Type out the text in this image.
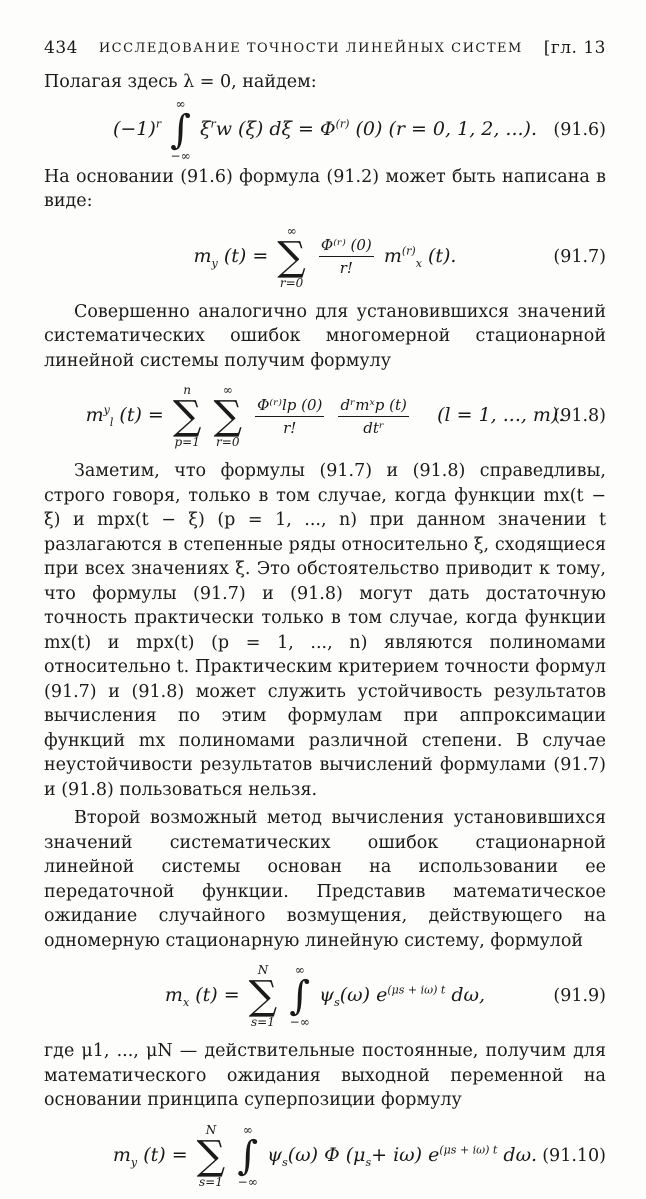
434 ИССЛЕДОВАНИЕ ТОЧНОСТИ ЛИНЕЙНЫХ СИСТЕМ [гл. 13

Полагая здесь λ = 0, найдем:

$(-1)^r$
∞
∫
−∞
$\xi^rw$ (ξ) $d\xi = \Phi^{(r)}$ (0) (r = 0, 1, 2, ...). (91.6)

На основании (91.6) формула (91.2) может быть написана в виде:

$m_y$ (t) =
∞
∑
r=0

$\frac{\text{Φ⁽ʳ⁾ (0)}}{r!} m^{(r)}_x$ (t).	(91.7)

Совершенно аналогично для установившихся значений систематических ошибок многомерной стационарной линейной системы получим формулу

$m^y_l$ (t) =
n
∑
p=1

∞
∑
r=0

$\frac{\text{Φ⁽ʳ⁾lp (0)}}{r!}$
$\frac{\text{dʳmˣp (t)}}{\text{dtʳ}} (l = 1$, ..., m).
(91.8)

Заметим, что формулы (91.7) и (91.8) справедливы, строго говоря, только в том случае, когда функции mx(t − ξ) и mpx(t − ξ) (p = 1, ..., n) при данном значении t разлагаются в степенные ряды относительно ξ, сходящиеся при всех значениях ξ. Это обстоятельство приводит к тому, что формулы (91.7) и (91.8) могут дать достаточную точность практически только в том случае, когда функции mx(t) и mpx(t) (p = 1, ..., n) являются полиномами относительно t. Практическим критерием точности формул (91.7) и (91.8) может служить устойчивость результатов вычисления по этим формулам при аппроксимации функций mx полиномами различной степени. В случае неустойчивости результатов вычислений формулами (91.7) и (91.8) пользоваться нельзя.

Второй возможный метод вычисления установившихся значений систематических ошибок стационарной линейной системы основан на использовании ее передаточной функции. Представив математическое ожидание случайного возмущения, действующего на одномерную стационарную линейную систему, формулой

$m_x$ (t) =
N
∑
s=1

∞
∫
−∞
$\psi_s(\omega)$ $e^{(\mu s + i\omega) t}$ dω,	(91.9)

где μ1, ..., μN — действительные постоянные, получим для математического ожидания выходной переменной на основании принципа суперпозиции формулу

$m_y$ (t) =
N
∑
s=1

∞
∫
−∞
$\psi_s(\omega)$ Φ $(\mu_s+ i\omega)$ $e^{(\mu s + i\omega) t}$ dω. (91.10)
